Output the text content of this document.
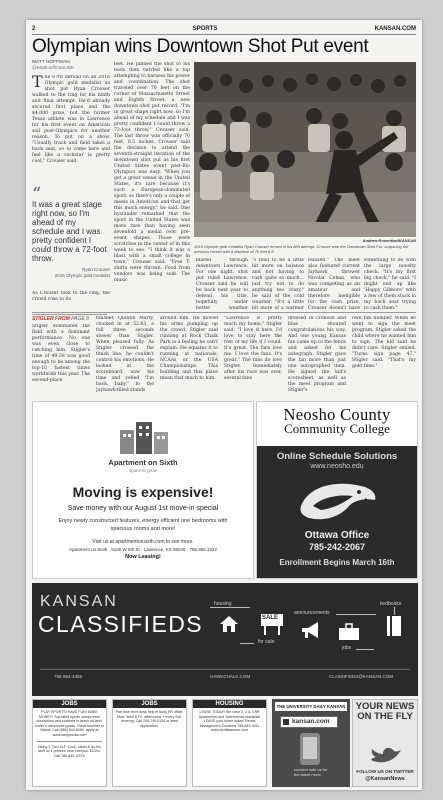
2	SPORTS	KANSAN.COM
Olympian wins Downtown Shot Put event
MATT HOFFMAN
@MattHoffmanUDK
The 67th deroad on an 2016 Olympic gold medalist as shot put Ryan Crouser walked to the ring for his ninth and final attempt. He'd already secured first place and the $4,000 prize, but the former Texas athlete was in Lawrence for his first event on American soil post-Olympics for another reason. To put on a show. "Usually track and field takes a back seat, so to come here and feel like a rockstar is pretty cool," Crouser said.
“
It was a great stage right now, so I'm ahead of my schedule and I was pretty confident I could throw a 72-foot throw.
Ryan Crouser
2016 Olympic gold medalist
As Crouser took to the ring, the crowd rose to its
feet. He pinned the shot to his neck then twirled like a top attempting to harness his power and coordination. The shot traveled over 70 feet on the corner of Massachusetts Street and Eighth Street, a new downtown shot put record. "I'm in great shape right now, so I'm ahead of my schedule and I was pretty confident I could throw a 72-foot throw," Crouser said. The last throw was officially 70 feet, 8.5 inches. Crouser said the decision to attend the seventh-straight iteration of the downtown shot put as his first United States event post-Rio Olympics was easy. "When you get a great venue in the United States, it's rare because it's such a European-dominated sport, so there's only a couple of meets in American and that get this much energy," he said. One bystander remarked that the sport in the United States was more rare than having seen sevenfold a medal over pre-event shapes. Those were scratches to the center of in this week to see. "I think it was a blast with a small college in town," Crouser said. "Free T-shirts were thrown. Food from vendors was being sold. The music
Andrew Rosenthal/KANSAN
2016 Olympic gold medalist Ryan Crouser throws in his fifth attempt. Crouser won the Downtown Shot Put, outpacing the previous record with a distance of 70 feet 8.5.
blared through downtown Lawrence. For one night, shot put ruled Lawrence. Crouser said he will be back next year to defend his title, hopefully under better weather
"I tend to be a little bit more on balance and not having to rush quite so much... just try not to do anything too crazy," he said of the cold weather. "It's a little bit more of a warmer
relaxed." The meet also featured current Jayhawk thrower Nicolai Ceban, who was competing as an amateur and therefore ineligible for the cash prize. Crouser doesn't have
something to do with the large novelty check. "It's my first big check," he said. "I might end up like 'Happy Gilmore' with a few of them stuck in my back seat trying to cash them."
STIGLER FROM PAGE 8
Stigler dominated the field with a dominant performance. No one was even close to catching him. Stigler's time of 49.58 was good enough to be among the top-10 fastest times worldwide this year. The second-place
finisher, Quintin Marty, clocked in at 52.63, a full three seconds slower than Stigler. When pleased fully. As Stigler crossed the finish line, he couldn't control his emotions. He looked at the scoreboard, saw his time and yelled "I'm back, baby," to the Jayhawk-filled stands
around him. He moved his arms pumping up the crowd. Stigler said running at Rock Chalk Park is a feeling he can't explain. He equates it to running at nationals, NCAAs or the USA Championships. This building and this place mean that much to him.
"Lawrence is pretty much my home," Stigler said. "I love it here. I'd love to stay here the rest of my life if I could. It's great. The fans love me. I love the fans. It's great." The fans do love Stigler. Immediately after his race was over, several fans
dressed in crimson and blue shouted congratulations his way. And one young Kansas fan came up to the fence and asked for his autograph. Stigler gave the fan more than just one autographed item. He signed the kid's scoresheet, as well as the meet program and Stigler's
own bib number. When he went to sign the meet program, Stigler asked the child where he wanted him to sign. The kid said he didn't care. Stigler smiled. "Turns sign page 47," Stigler said. "That's my gold time."
Apartment on Sixth
space to grow
Moving is expensive!
Save money with our August 1st move-in special
Enjoy newly constructed features, energy efficient one bedrooms with spacious rooms and more!
Visit us at apartmentonsixth.com to see more.
Apartment on Sixth · 5100 W 6th St · Lawrence, KS 66049 · 785.856.3322
Now Leasing!
Neosho County
Community College
Online Schedule Solutions
www.neosho.edu
Ottawa Office
785-242-2067
Enrollment Begins March 16th
KANSAN
CLASSIFIEDS
housing
SALE
for sale
announcements
jobs
textbooks
785-864-4358	HAWKCHALK.COM	CLASSIFIEDS@KANSAN.COM
JOBS
PLAY SPORTS! HAVE FUN! MAKE MONEY! Top-rated sports camps seek counselors and coaches to teach all land, water & adventure sports. Great summer in Maine! Call (888) 844-8080, apply at www.campcedar.com
Hiring 3-7pm M-F. Cook, clean & do fun stuff w/ 1 preteen near campus. $10/hr. Call 785-840-XXXX
JOBS
Part time front desk help in busy ER office. Mon, Wed & Fri. afternoons + every Sat. morning. Call 785-749-0130 or send application.
HOUSING
LEASE TODAY! We have 1, 2 & 3 BR Apartments and Townhomes available! LEASE your home today! Rental Management Solutions 785-843-0011 www.rentlawrence.com
THE UNIVERSITY DAILY KANSAN
kansan.com
connect with us for the latest news
YOUR NEWS ON THE FLY
FOLLOW US ON TWITTER
@KansanNews
